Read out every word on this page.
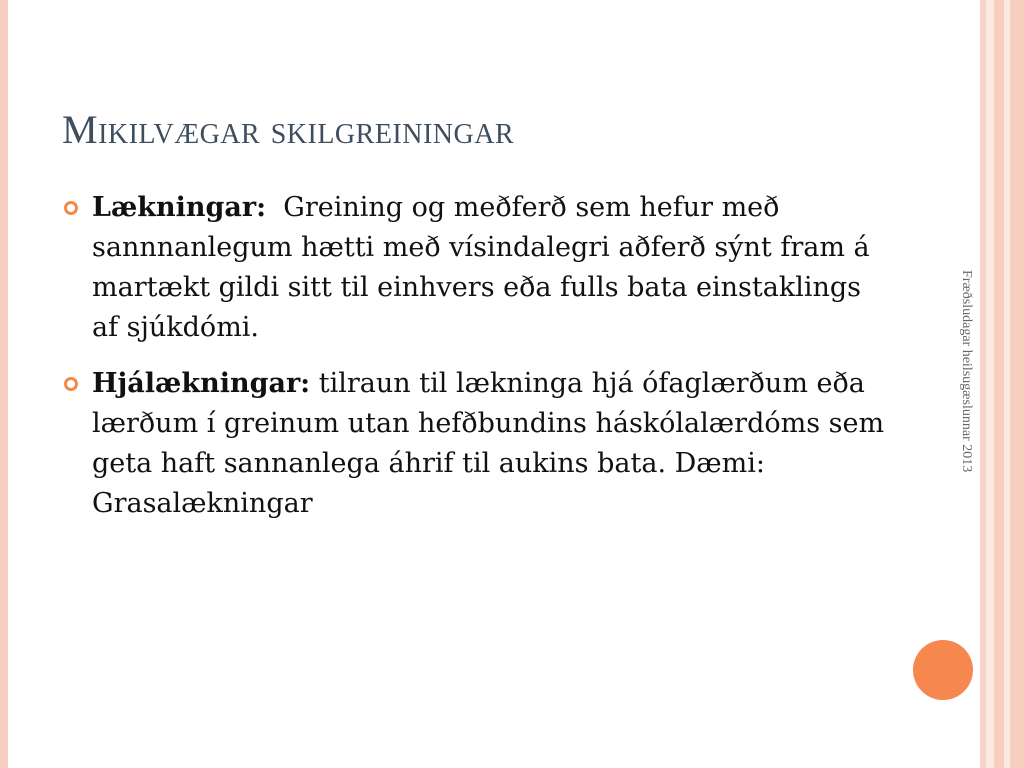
Mikilvægar skilgreiningar
Lækningar: Greining og meðferð sem hefur með sannnanlegum hætti með vísindalegri aðferð sýnt fram á martækt gildi sitt til einhvers eða fulls bata einstaklings af sjúkdómi.
Hjálækningar: tilraun til lækninga hjá ófaglærðum eða lærðum í greinum utan hefðbundins háskólalærdóms sem geta haft sannanlega áhrif til aukins bata. Dæmi: Grasalækningar
Fræðsludagar heilsugæslunnar 2013
